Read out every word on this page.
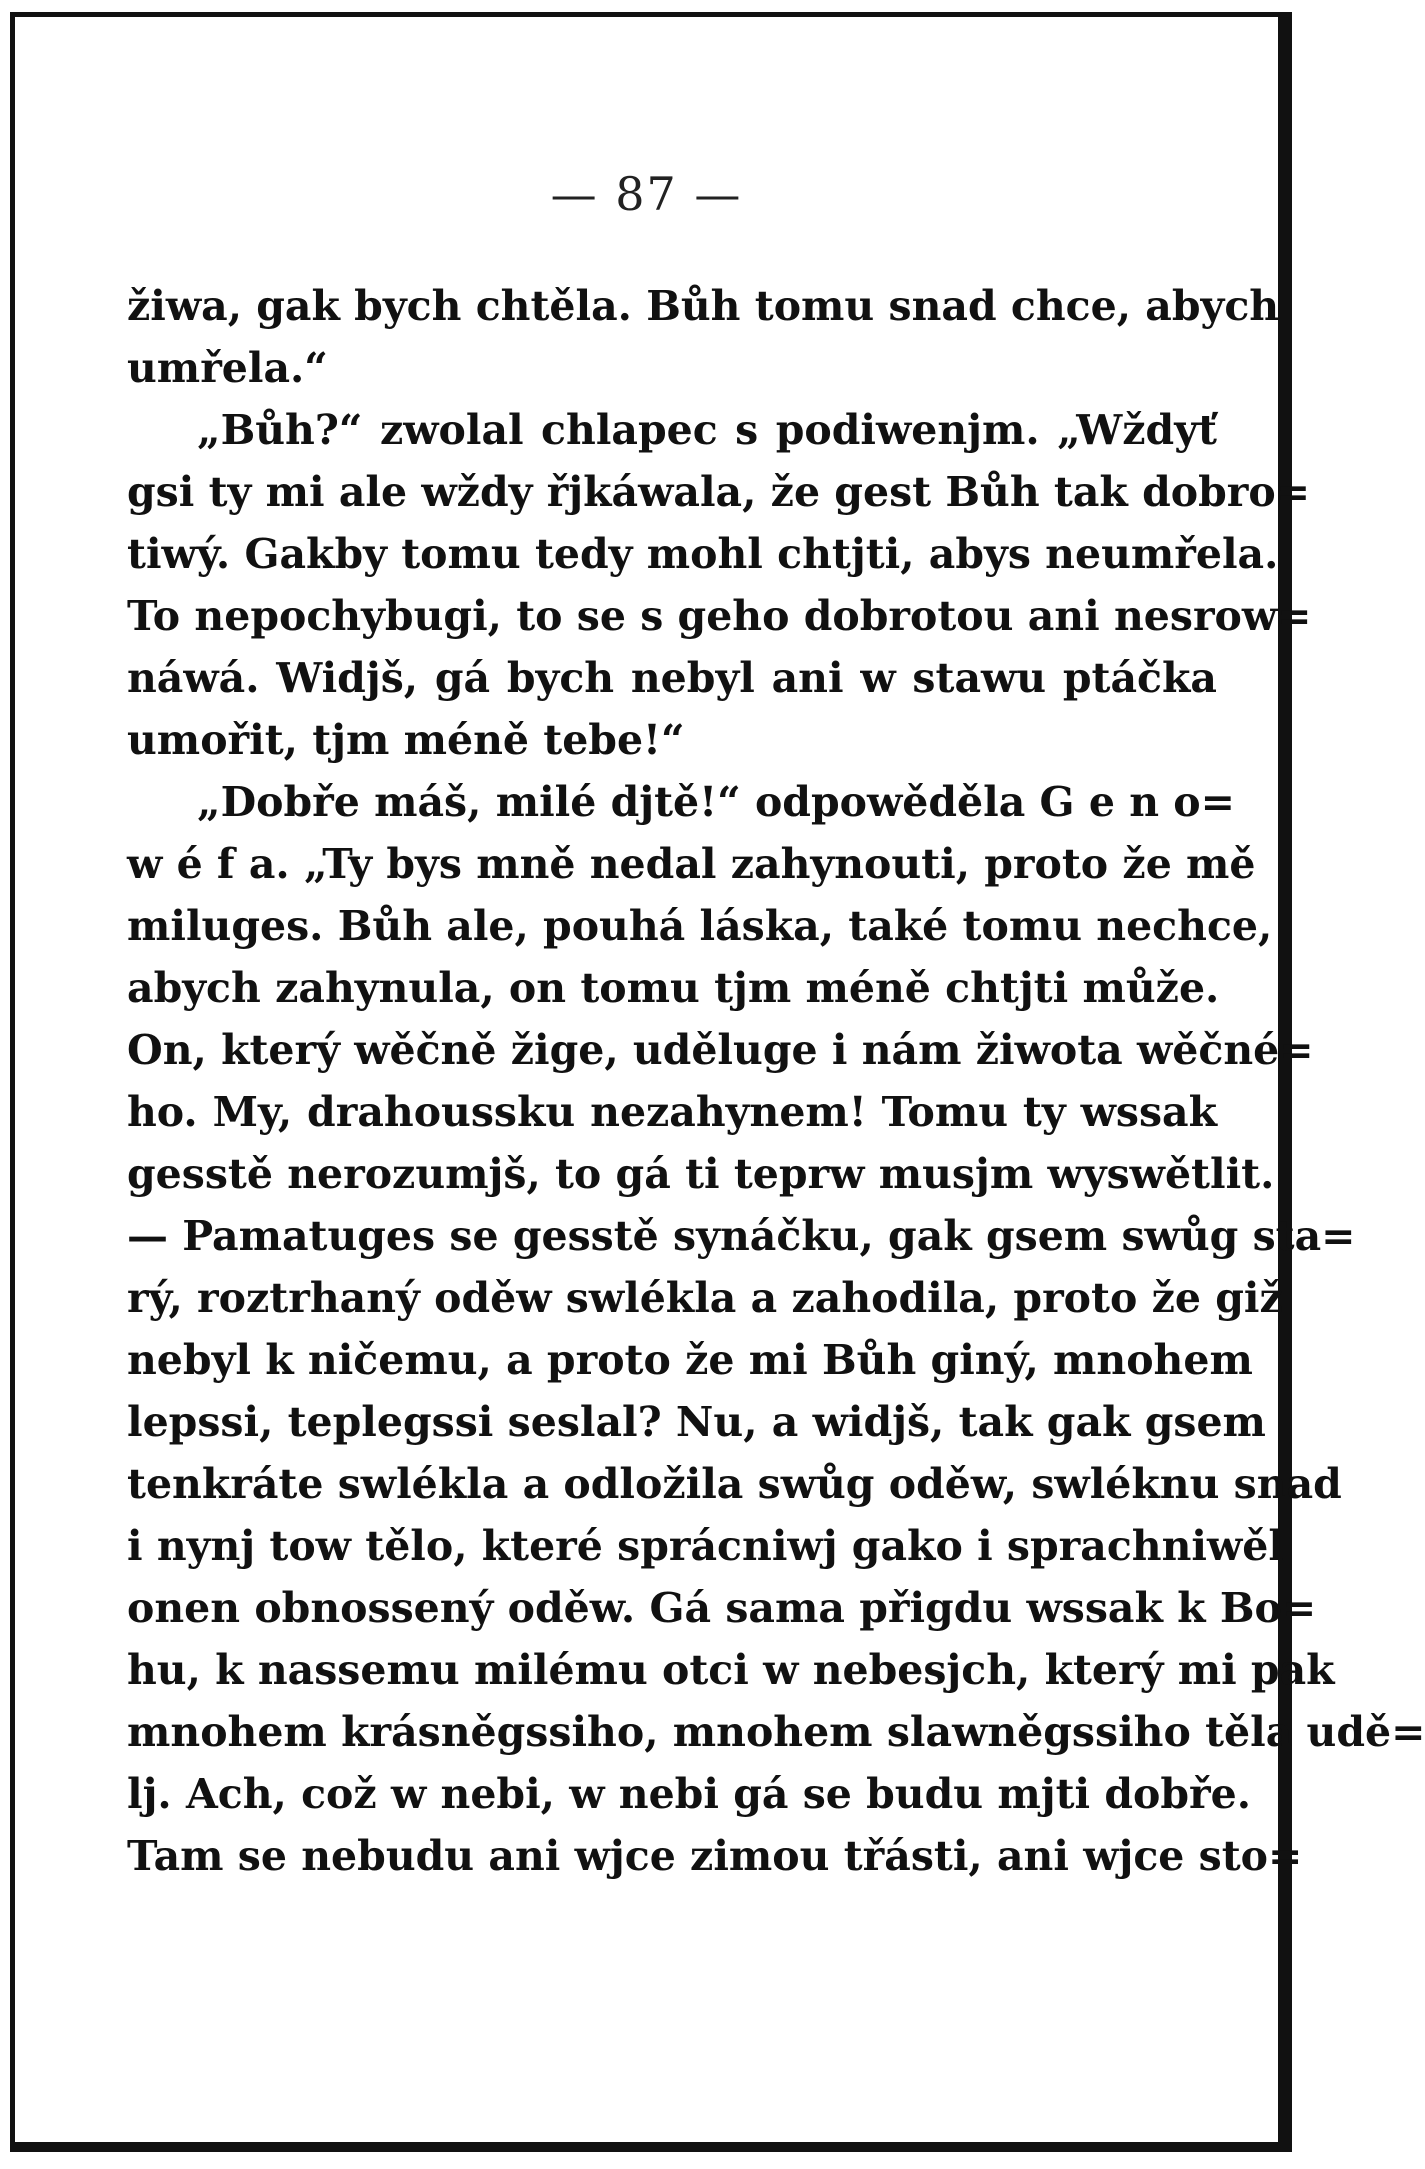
— 87 —
žiwa, gak bych chtěla. Bůh tomu snad chce, abych
umřela.“
„Bůh?“ zwolal chlapec s podiwenjm. „Wždyť
gsi ty mi ale wždy řjkáwala, že gest Bůh tak dobro=
tiwý. Gakby tomu tedy mohl chtjti, abys neumřela.
To nepochybugi, to se s geho dobrotou ani nesrow=
náwá. Widjš, gá bych nebyl ani w stawu ptáčka
umořit, tjm méně tebe!“
„Dobře máš, milé djtě!“ odpowěděla G e n o=
w é f a. „Ty bys mně nedal zahynouti, proto že mě
miluges. Bůh ale, pouhá láska, také tomu nechce,
abych zahynula, on tomu tjm méně chtjti může.
On, který wěčně žige, uděluge i nám žiwota wěčné=
ho. My, drahoussku nezahynem! Tomu ty wssak
gesstě nerozumjš, to gá ti teprw musjm wyswětlit.
— Pamatuges se gesstě synáčku, gak gsem swůg sta=
rý, roztrhaný oděw swlékla a zahodila, proto že giž
nebyl k ničemu, a proto že mi Bůh giný, mnohem
lepssi, teplegssi seslal? Nu, a widjš, tak gak gsem
tenkráte swlékla a odložila swůg oděw, swléknu snad
i nynj tow tělo, které sprácniwj gako i sprachniwěl
onen obnossený oděw. Gá sama přigdu wssak k Bo=
hu, k nassemu milému otci w nebesjch, který mi pak
mnohem krásněgssiho, mnohem slawněgssiho těla udě=
lj. Ach, což w nebi, w nebi gá se budu mjti dobře.
Tam se nebudu ani wjce zimou třásti, ani wjce sto=
